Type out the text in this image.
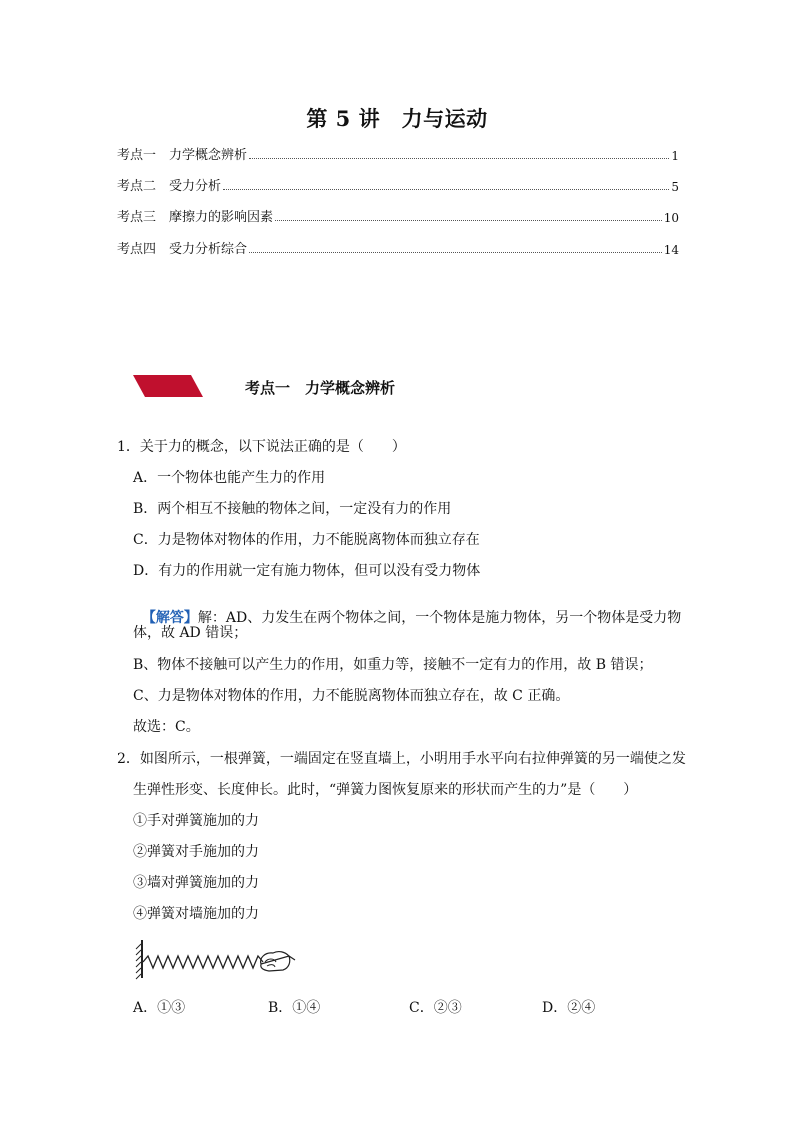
第 5 讲　力与运动
考点一　力学概念辨析	1
考点二　受力分析	5
考点三　摩擦力的影响因素	10
考点四　受力分析综合	14
考点一　力学概念辨析
1．关于力的概念，以下说法正确的是（　　）
A．一个物体也能产生力的作用
B．两个相互不接触的物体之间，一定没有力的作用
C．力是物体对物体的作用，力不能脱离物体而独立存在
D．有力的作用就一定有施力物体，但可以没有受力物体

【解答】解：AD、力发生在两个物体之间，一个物体是施力物体，另一个物体是受力物

体，故 AD 错误；
B、物体不接触可以产生力的作用，如重力等，接触不一定有力的作用，故 B 错误；
C、力是物体对物体的作用，力不能脱离物体而独立存在，故 C 正确。
故选：C。
2．如图所示，一根弹簧，一端固定在竖直墙上，小明用手水平向右拉伸弹簧的另一端使之发
生弹性形变、长度伸长。此时，“弹簧力图恢复原来的形状而产生的力”是（　　）
①手对弹簧施加的力
②弹簧对手施加的力
③墙对弹簧施加的力
④弹簧对墙施加的力
A．①③	B．①④	C．②③	D．②④
